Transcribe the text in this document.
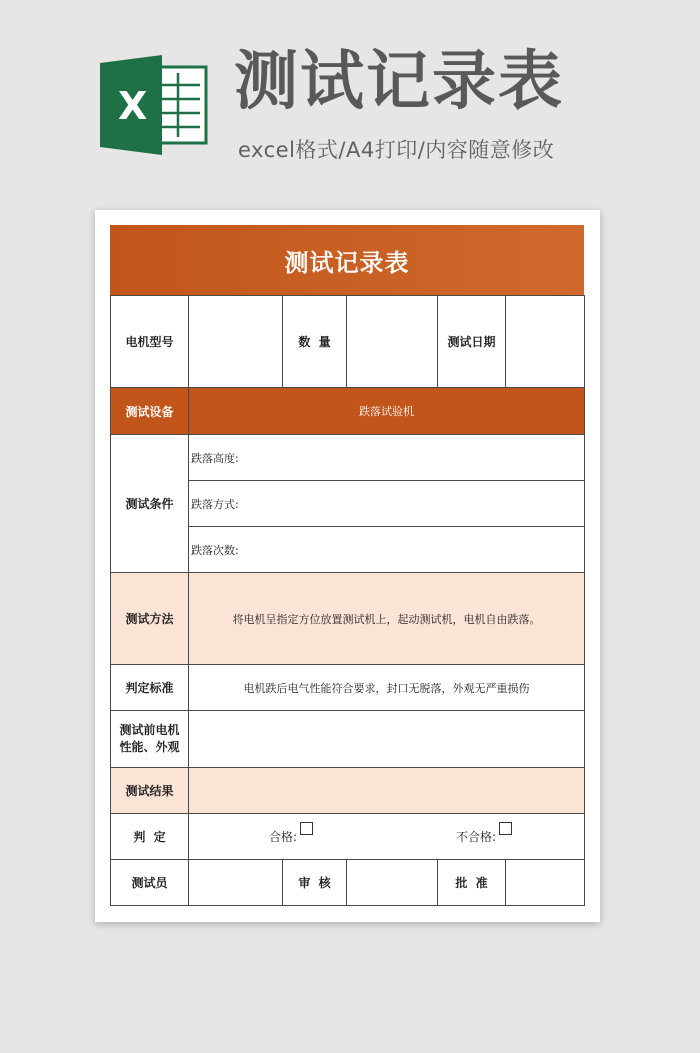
X 测试记录表
excel格式/A4打印/内容随意修改
测试记录表
电机型号		数  量		测试日期	
测试设备	跌落试验机				
测试条件	跌落高度:				
	跌落方式:				
	跌落次数:				
测试方法	将电机呈指定方位放置测试机上，起动测试机，电机自由跌落。				
判定标准	电机跌后电气性能符合要求，封口无脱落，外观无严重损伤				
测试前电机性能、外观					
测试结果					
判  定	合格: 不合格:				

测试员		审  核		批  准	
